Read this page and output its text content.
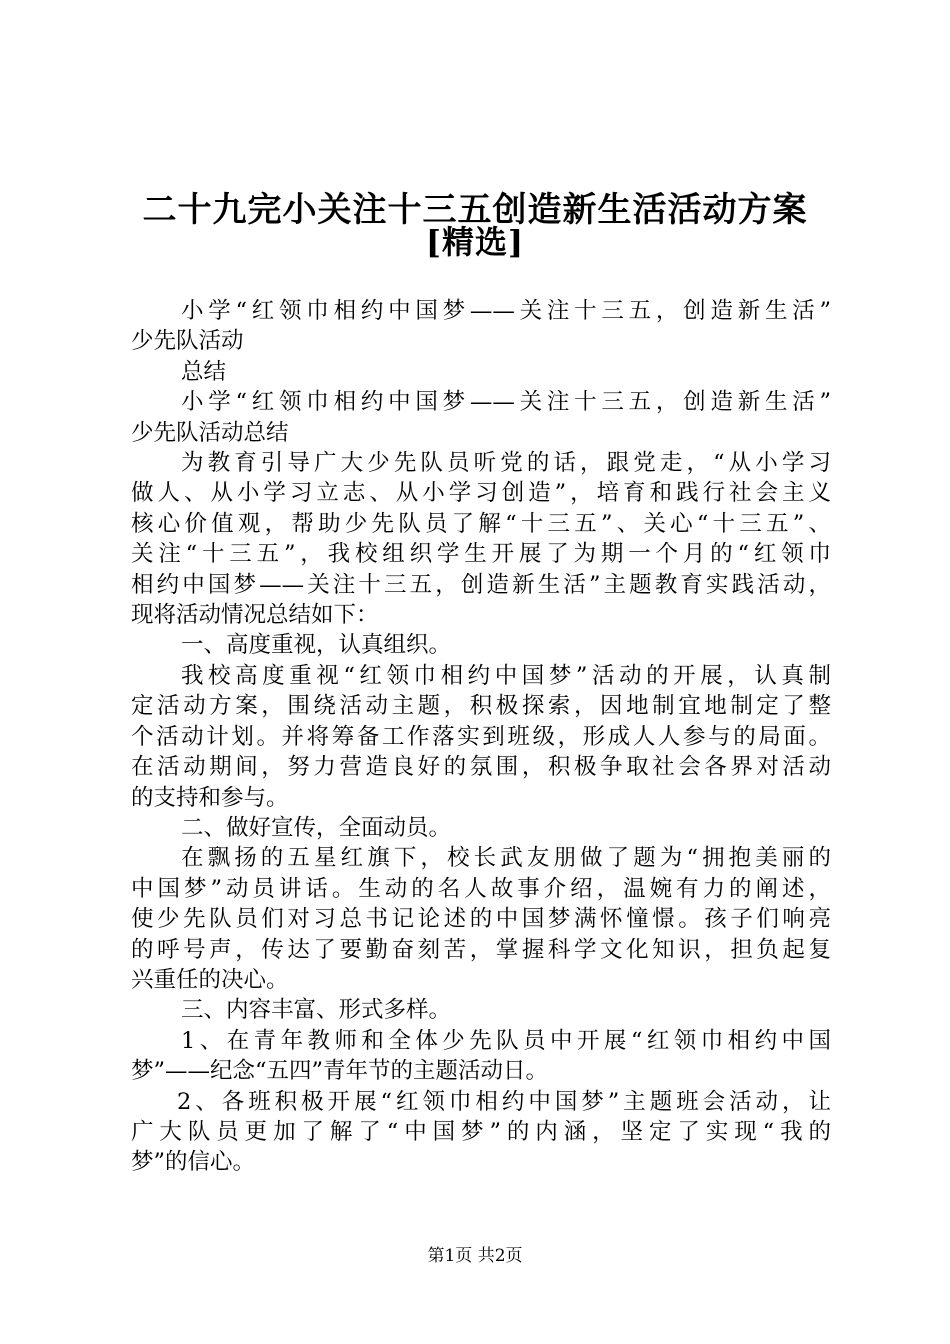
二十九完小关注十三五创造新生活活动方案
[精选]
小学“红领巾相约中国梦——关注十三五，创造新生活”
少先队活动
总结
小学“红领巾相约中国梦——关注十三五，创造新生活”
少先队活动总结
为教育引导广大少先队员听党的话，跟党走，“从小学习
做人、从小学习立志、从小学习创造”，培育和践行社会主义
核心价值观，帮助少先队员了解“十三五”、关心“十三五”、
关注“十三五”，我校组织学生开展了为期一个月的“红领巾
相约中国梦——关注十三五，创造新生活”主题教育实践活动，
现将活动情况总结如下：
一、高度重视，认真组织。
我校高度重视“红领巾相约中国梦”活动的开展，认真制
定活动方案，围绕活动主题，积极探索，因地制宜地制定了整
个活动计划。并将筹备工作落实到班级，形成人人参与的局面。
在活动期间，努力营造良好的氛围，积极争取社会各界对活动
的支持和参与。
二、做好宣传，全面动员。
在飘扬的五星红旗下，校长武友朋做了题为“拥抱美丽的
中国梦”动员讲话。生动的名人故事介绍，温婉有力的阐述，
使少先队员们对习总书记论述的中国梦满怀憧憬。孩子们响亮
的呼号声，传达了要勤奋刻苦，掌握科学文化知识，担负起复
兴重任的决心。
三、内容丰富、形式多样。
1、在青年教师和全体少先队员中开展“红领巾相约中国
梦”——纪念“五四”青年节的主题活动日。
2、各班积极开展“红领巾相约中国梦”主题班会活动，让
广大队员更加了解了“中国梦”的内涵，坚定了实现“我的
梦”的信心。
第1页 共2页
